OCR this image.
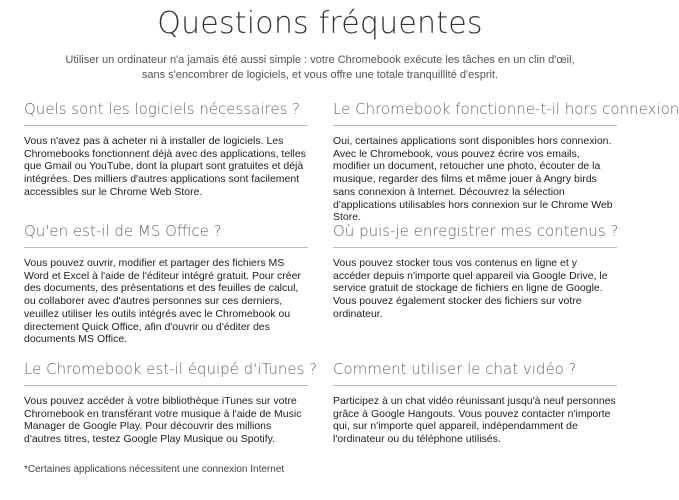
Questions fréquentes
Utiliser un ordinateur n'a jamais été aussi simple : votre Chromebook exécute les tâches en un clin d'œil,
sans s'encombrer de logiciels, et vous offre une totale tranquillité d'esprit.
Quels sont les logiciels nécessaires ?

Vous n'avez pas à acheter ni à installer de logiciels. Les Chromebooks fonctionnent déjà avec des applications, telles que Gmail ou YouTube, dont la plupart sont gratuites et déjà intégrées. Des milliers d'autres applications sont facilement accessibles sur le Chrome Web Store.

Le Chromebook fonctionne-t-il hors connexion

Oui, certaines applications sont disponibles hors connexion. Avec le Chromebook, vous pouvez écrire vos emails, modifier un document, retoucher une photo, écouter de la musique, regarder des films et même jouer à Angry birds sans connexion à Internet. Découvrez la sélection d'applications utilisables hors connexion sur le Chrome Web Store.

Qu'en est-il de MS Office ?

Vous pouvez ouvrir, modifier et partager des fichiers MS Word et Excel à l'aide de l'éditeur intégré gratuit. Pour créer des documents, des présentations et des feuilles de calcul, ou collaborer avec d'autres personnes sur ces derniers, veuillez utiliser les outils intégrés avec le Chromebook ou directement Quick Office, afin d'ouvrir ou d'éditer des documents MS Office.

Où puis-je enregistrer mes contenus ?

Vous pouvez stocker tous vos contenus en ligne et y accéder depuis n'importe quel appareil via Google Drive, le service gratuit de stockage de fichiers en ligne de Google. Vous pouvez également stocker des fichiers sur votre ordinateur.

Le Chromebook est-il équipé d'iTunes ?

Vous pouvez accéder à votre bibliothèque iTunes sur votre Chromebook en transférant votre musique à l'aide de Music Manager de Google Play. Pour découvrir des millions d'autres titres, testez Google Play Musique ou Spotify.

Comment utiliser le chat vidéo ?

Participez à un chat vidéo réunissant jusqu'à neuf personnes grâce à Google Hangouts. Vous pouvez contacter n'importe qui, sur n'importe quel appareil, indépendamment de l'ordinateur ou du téléphone utilisés.

*Certaines applications nécessitent une connexion Internet
